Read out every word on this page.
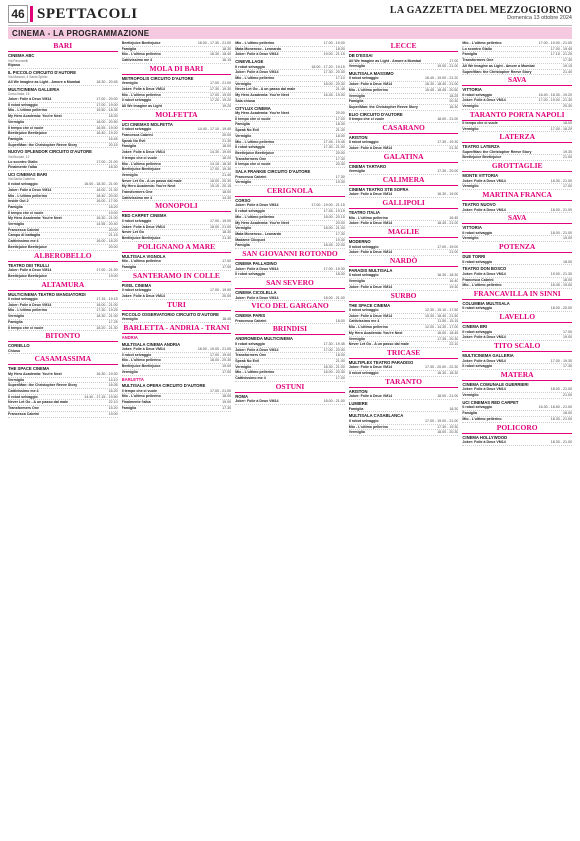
46 SPETTACOLI	LA GAZZETTA DEL MEZZOGIORNO
Domenica 13 ottobre 2024
CINEMA - LA PROGRAMMAZIONE
BARI
CINEMA ABC
Via Pavoncelli
Riposo
IL PICCOLO CIRCUITO D'AUTORE
Via Marconi, 4 Santo Spirito
All We Imagine as Light - Amore a Mumbai	18.30 - 20.45
MULTICINEMA GALLERIA
Corso Italia, 15
Joker: Folie à Deux VM14	17.00 - 20.00
Il robot selvaggio	17.00 - 19.00
Mio - L'ultimo pellerino	15.50 - 18.35
My Hero Academia: You're Next	18.30
Vermiglio	18.00 - 20.50
Il tempo che ci vuole	16.55 - 19.00
Beetlejuice Beetlejuice	16.40 - 19.20
Famiglia	16.45
Super/Man: the Christopher Reeve Story	20.15
NUOVO SPLENDOR CIRCUITO D'AUTORE
Via Buccari, 12
Lo scontro Giallo	17.00 - 21.00
Finalmente l'alba	18.30
UCI CINEMAS BARI
Via Santa Caterina
Il robot selvaggio	16.00 - 18.30 - 21.00
Joker: Folie à Deux VM14	18.00 - 21.30
Mio - L'ultimo pellerino	18.40 - 20.00
Inside Out 2	16.00 - 17.00
Famiglia	18.20
Il tempo che ci vuole	19.00
My Hero Academia: You're Next	16.30 - 21.00
Vermiglio	14.55 - 20.40
Francesca Cabrini	20.00
Campo di battaglia	21.15
Cattivissimo me 4	16.00 - 18.20
Beetlejuice Beetlejuice	20.00
ALBEROBELLO
TEATRO DEI TRULLI
Joker: Folie à Deux VM14	17.00 - 21.30
Beetlejuice Beetlejuice	19.00
ALTAMURA
MULTICINEMA TEATRO MANGIATORDI
Il robot selvaggio	17.15 - 19.15
Joker: Folie à Deux VM14	18.00 - 21.00
Mio - L'ultimo pellerino	17.30 - 19.25
Vermiglio	18.30 - 21.00
Famiglia	17.25
Il tempo che ci vuole	18.20 - 21.30
BITONTO
CORIELLO
Chiuso
CASAMASSIMA
THE SPACE CINEMA
My Hero Academia: You're Next	16.30 - 19.30
Vermiglio	14.10
Super/Man: the Christopher Reeve Story	16.05
Cattivissimo me 4	16.20
Il robot selvaggio	14.40 - 17.15 - 19.50
Never Let Go - A un passo dal male	22.10
Transformers One	15.20
Francesca Cabrini	19.00
Beetlejuice Beetlejuice	16.00 - 17.30 - 21.00
Famiglia	18.30
Mio - L'ultimo pellerino	16.30 - 18.40
Cattivissimo me 4	16.15
MOLA DI BARI
METROPOLIS CIRCUITO D'AUTORE
Vermiglio	17.00 - 21.00
Joker: Folie à Deux VM14	17.30 - 19.30
Mio - L'ultimo pellerino	17.00 - 19.00
Il robot selvaggio	17.20 - 19.20
All We Imagine as Light	19.20
MOLFETTA
UCI CINEMAS MOLFETTA
Il robot selvaggio	14.40 - 17.10 - 19.40
Francesca Cabrini	20.00
Speak No Evil	21.30
Famiglia	18.00
Joker: Folie à Deux VM14	14.30 - 19.00
Il tempo che ci vuole	18.20
Mio - L'ultimo pellerino	14.15 - 16.30
Beetlejuice Beetlejuice	17.00 - 19.30
Vermiglio	21.40
Never Let Go - A un passo dal male	18.00 - 20.30
My Hero Academia: You're Next	15.15 - 20.15
Transformers One	18.00
Cattivissimo me 4	14.30
MONOPOLI
RED CARPET CINEMA
Il robot selvaggio	17.00 - 19.00
Joker: Folie à Deux VM14	18.00 - 21.00
Never Let Go	18.30
Beetlejuice Beetlejuice	21.30
POLIGNANO A MARE
MULTISALA VIGNOLA
Mio - L'ultimo pellerino	17.00
Famiglia	17.00
SANTERAMO IN COLLE
PIXEL CINEMA
Il robot selvaggio	17.00 - 19.00
Joker: Folie à Deux VM14	20.00
TURI
PICCOLO OSSERVATORIO CIRCUITO D'AUTORE
Vermiglio	18.45
BARLETTA - ANDRIA - TRANI
ANDRIA
MULTISALA CINEMA ANDRIA
Joker: Folie à Deux VM14	16.00 - 19.00 - 21.00
Il robot selvaggio	17.00 - 19.00
Mio - L'ultimo pellerino	18.00 - 20.30
Beetlejuice Beetlejuice	19.00
Vermiglio	17.00
BARLETTA
MULTISALA OPERA CIRCUITO D'AUTORE
Il tempo che ci vuole	17.00 - 21.00
Mio - L'ultimo pellerino	18.00
Finalmente l'alba	19.00
Famiglia	17.30
Mio - L'ultimo pellerino	17.00 - 19.00
Mata Moneroso - Leonardo	18.00
Joker: Folie à Deux VM14	19.00 - 21.15
CINEVILLAGE
Il robot selvaggio	18.00 - 17.20 - 19.15
Joker: Folie à Deux VM14	17.30 - 20.30
Mio - L'ultimo pellerino	17.10
Vermiglio	18.00 - 20.30
Never Let Go - A un passo dal male	21.45
My Hero Academia: You're Next	16.45 - 19.00
Sala chiusa
CITYLUX CINEMA
My Hero Academia: You're Next	20.00
Il tempo che ci vuole	17.00
Famiglia	18.30
Speak No Evil	21.30
Vermiglio	18.00
Mio - L'ultimo pellerino	17.45 - 19.45
Il robot selvaggio	17.30 - 21.00
Beetlejuice Beetlejuice	20.00
Transformers One	17.30
Il tempo che ci vuole	20.30
SALA FRANKIE CIRCUITO D'AUTORE
Francesca Cabrini	17.30
Vermiglio	19.30
CERIGNOLA
CORSO
Joker: Folie à Deux VM14	17.00 - 19.00 - 21.15
Il robot selvaggio	17.45 - 19.15
Mio - L'ultimo pellerino	18.00 - 20.15
My Hero Academia: You're Next	20.00
Vermiglio	18.00 - 21.00
Mata Moneroso - Leonardo	17.30
Madame Clicquot	19.30
Famiglia	18.45 - 22.00
SAN GIOVANNI ROTONDO
CINEMA PALLADINO
Joker: Folie à Deux VM14	17.00 - 19.30
Il robot selvaggio	18.00
SAN SEVERO
CINEMA CICOLELLA
Joker: Folie à Deux VM14	18.00 - 21.00
VICO DEL GARGANO
CINEMA PARIS
Francesca Cabrini	18.00
BRINDISI
ANDROMEDA MULTICINEMA
Il robot selvaggio	17.30 - 19.45
Joker: Folie à Deux VM14	17.00 - 20.00
Transformers One	18.00
Speak No Evil	21.00
Vermiglio	18.30 - 21.00
Mio - L'ultimo pellerino	16.00 - 20.30
Cattivissimo me 4	17.00
OSTUNI
ROMA
Joker: Folie à Deux VM14	18.00 - 21.00
LECCE
DB D'ESSAI
All We Imagine as Light - Amore a Mumbai	17.00
Vermiglio	19.00 - 21.00
MULTISALA MASSIMO
Il robot selvaggio	16.40 - 19.00 - 21.20
Joker: Folie à Deux VM14	16.30 - 18.40 - 21.00
Mio - L'ultimo pellerino	16.45 - 18.45 - 20.50
Vermiglio	18.25
Famiglia	20.30
Super/Man: the Christopher Reeve Story	16.30
ELIO CIRCUITO D'AUTORE
Il tempo che ci vuole	18.00 - 21.00
CASARANO
ARISTON
Il robot selvaggio	17.30 - 19.30
Joker: Folie à Deux VM14	21.30
GALATINA
CINEMA TARTARO
Vermiglio	17.30 - 20.00
CALIMERA
CINEMA TEATRO STB SOFRA
Joker: Folie à Deux VM14	16.30 - 19.00
GALLIPOLI
TEATRO ITALIA
Mio - L'ultimo pellerino	16.45
Joker: Folie à Deux VM14	18.45 - 21.00
MAGLIE
MODERNO
Il robot selvaggio	17.00 - 19.00
Joker: Folie à Deux VM14	21.00
NARDÒ
PARADIS MULTISALA
Il robot selvaggio	16.30 - 18.30
Vermiglio	16.40
Joker: Folie à Deux VM14	19.30
SURBO
THE SPACE CINEMA
Il robot selvaggio	12.30 - 15.10 - 17.50
Joker: Folie à Deux VM14	15.30 - 18.40 - 21.50
Cattivissimo me 4	11.50 - 15.15
Mio - L'ultimo pellerino	12.00 - 14.30 - 17.00
My Hero Academia: You're Next	16.00 - 18.45
Vermiglio	17.35 - 20.30
Never Let Go - A un passo dal male	22.10
TRICASE
MULTIPLEX TEATRO PARADISO
Joker: Folie à Deux VM14	17.30 - 20.00 - 22.30
Il robot selvaggio	16.30 - 18.30
TARANTO
ARISTON
Joker: Folie à Deux VM14	18.00 - 21.00
LUMIERE
Famiglia	18.30
MULTISALA CASABLANCA
Il robot selvaggio	17.00 - 19.00 - 21.00
Mio - L'ultimo pellerino	17.30 - 19.30
Vermiglio	18.00 - 20.30
Mio - L'ultimo pellerino	17.00 - 19.00 - 21.00
Lo scontro Giallo	17.00 - 19.45
Famiglia	17.15 - 21.25
Transformers One	17.30
All We Imagine as Light - Amore a Mumbai	19.15
Super/Man: the Christopher Reeve Story	21.40
SAVA
VITTORIA
Il robot selvaggio	16.40 - 18.30 - 19.20
Joker: Folie à Deux VM14	17.00 - 19.00 - 21.30
Vermiglio	20.30
TARANTO PORTA NAPOLI
Il tempo che ci vuole	18.00
Vermiglio	17.00 - 18.20
LATERZA
TEATRO LATERZA
Super/Man: the Christopher Reeve Story	19.30
Beetlejuice Beetlejuice	21.00
GROTTAGLIE
MONTE VITTORIA
Joker: Folie à Deux VM14	18.30 - 21.00
Vermiglio	17.00
MARTINA FRANCA
TEATRO NUOVO
Joker: Folie à Deux VM14	18.00 - 21.00
SAVA
VITTORIA
Il robot selvaggio	18.00 - 21.00
Vermiglio	19.00
POTENZA
DUE TORRI
Il robot selvaggio	18.00
TEATRO DON BOSCO
Joker: Folie à Deux VM14	19.00 - 21.30
Francesca Cabrini	18.00
Mio - L'ultimo pellerino	16.45 - 19.00
FRANCAVILLA IN SINNI
COLUMBIA MULTISALA
Il robot selvaggio	18.00 - 20.00
LAVELLO
CINEMA BRI
Il robot selvaggio	17.00
Joker: Folie à Deux VM14	19.00
TITO SCALO
MULTICINEMA GALLERIA
Joker: Folie à Deux VM14	17.00 - 19.30
Il robot selvaggio	17.30
MATERA
CINEMA COMUNALE GUERRIERI
Joker: Folie à Deux VM14	18.00 - 21.00
Vermiglio	21.00
UCI CINEMAS RED CARPET
Il robot selvaggio	16.30 - 18.50 - 21.00
Famiglia	18.00
Mio - L'ultimo pellerino	18.30 - 21.00
POLICORO
CINEMA HOLLYWOOD
Joker: Folie à Deux VM14	18.30 - 21.00
